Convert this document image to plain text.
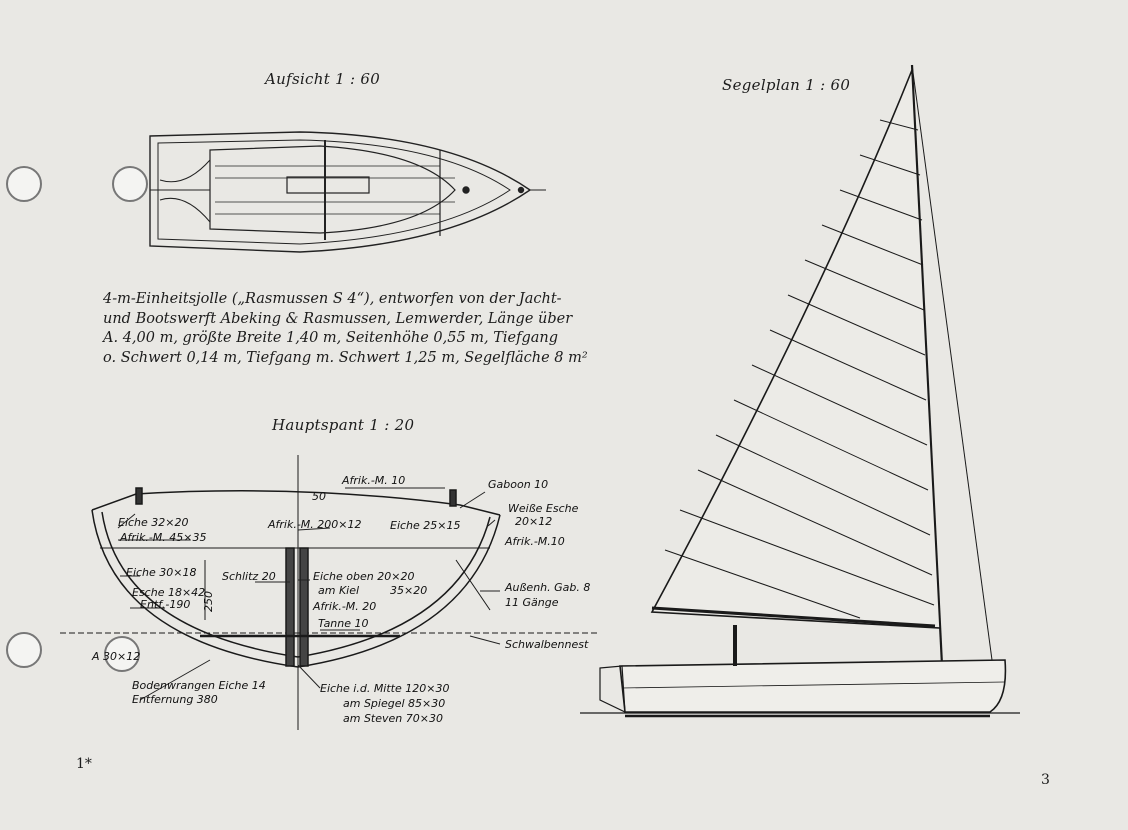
Aufsicht 1 : 60	Segelplan 1 : 60
Hauptspant 1 : 20
4-m-Einheitsjolle („Rasmussen S 4“), entworfen von der Jacht-
und Bootswerft Abeking & Rasmussen, Lemwerder, Länge über
A. 4,00 m, größte Breite 1,40 m, Seitenhöhe 0,55 m, Tiefgang
o. Schwert 0,14 m, Tiefgang m. Schwert 1,25 m, Segelfläche 8 m²
1*
3
Afrik.-M. 10	Gaboon 10
50
Weiße Esche
20×12
Eiche 32×20	Afrik.-M. 200×12	Eiche 25×15
Afrik.-M. 45×35	Afrik.-M.10
Eiche 30×18 Schlitz 20	Eiche oben 20×20
am Kiel	35×20	Außenh. Gab. 8
11 Gänge
Esche 18×42
Entf.-190 250	Afrik.-M. 20
Tanne 10
Schwalbennest
A 30×12
Bodenwrangen Eiche 14
Entfernung 380
Eiche i.d. Mitte 120×30
am Spiegel 85×30
am Steven 70×30
